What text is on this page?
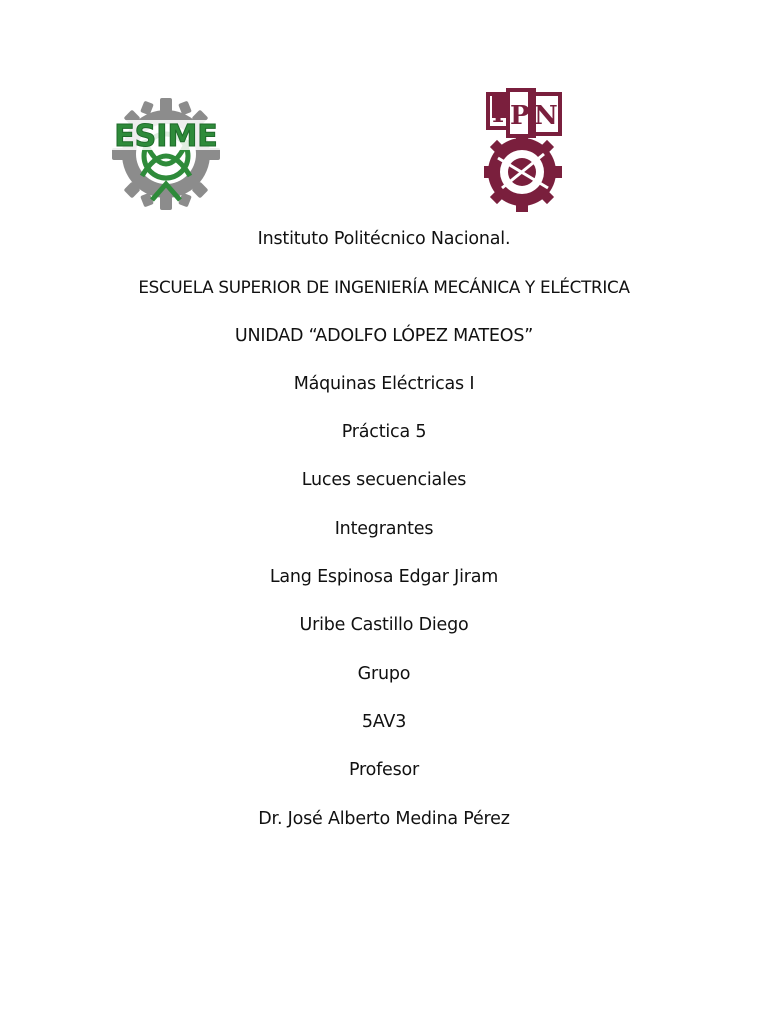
ESIME
I P N
Instituto Politécnico Nacional.
ESCUELA SUPERIOR DE INGENIERÍA MECÁNICA Y ELÉCTRICA
UNIDAD “ADOLFO LÓPEZ MATEOS”
Máquinas Eléctricas I
Práctica 5
Luces secuenciales
Integrantes
Lang Espinosa Edgar Jiram
Uribe Castillo Diego
Grupo
5AV3
Profesor
Dr. José Alberto Medina Pérez
